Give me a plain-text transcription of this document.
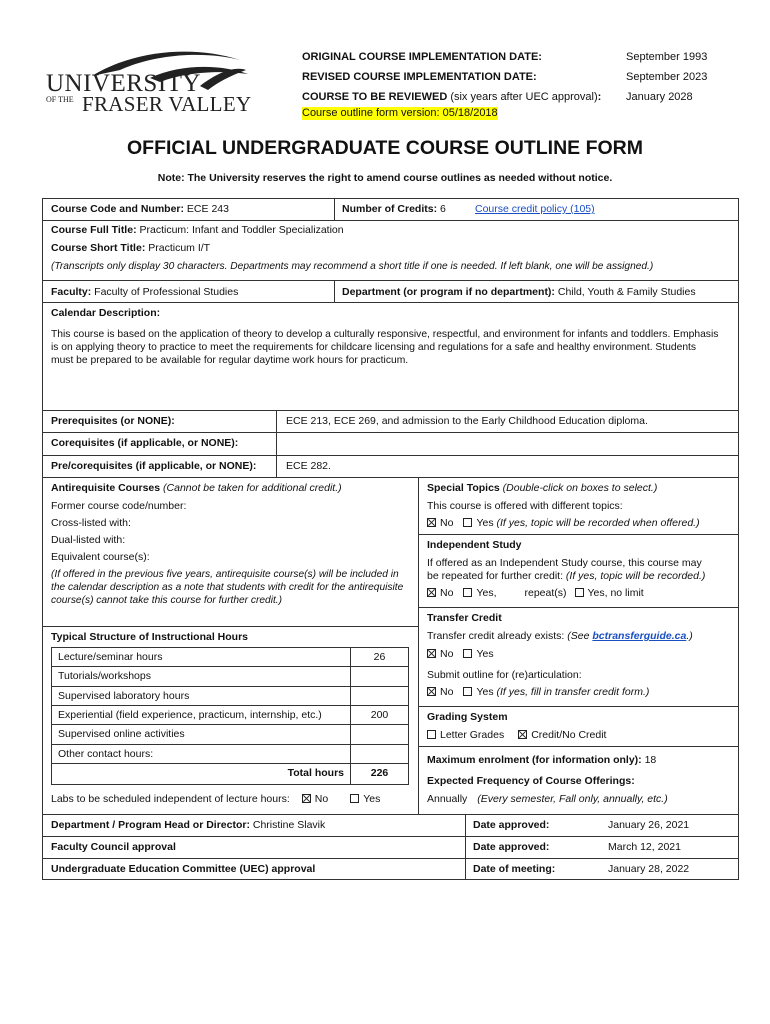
UNIVERSITY
OF THE FRASER VALLEY
ORIGINAL COURSE IMPLEMENTATION DATE:	September 1993
REVISED COURSE IMPLEMENTATION DATE:	September 2023
COURSE TO BE REVIEWED (six years after UEC approval): January 2028
Course outline form version: 05/18/2018
OFFICIAL UNDERGRADUATE COURSE OUTLINE FORM
Note: The University reserves the right to amend course outlines as needed without notice.
Course Code and Number: ECE 243	Number of Credits: 6	Course credit policy (105)
Course Full Title: Practicum: Infant and Toddler Specialization
Course Short Title: Practicum I/T
(Transcripts only display 30 characters. Departments may recommend a short title if one is needed. If left blank, one will be assigned.)
Faculty: Faculty of Professional Studies	Department (or program if no department): Child, Youth & Family Studies
Calendar Description:
This course is based on the application of theory to develop a culturally responsive, respectful, and environment for infants and toddlers. Emphasis is on applying theory to practice to meet the requirements for childcare licensing and regulations for a safe and healthy environment. Students must be prepared to be available for regular daytime work hours for practicum.
Prerequisites (or NONE):	ECE 213, ECE 269, and admission to the Early Childhood Education diploma.
Corequisites (if applicable, or NONE):
Pre/corequisites (if applicable, or NONE):	ECE 282.
Antirequisite Courses (Cannot be taken for additional credit.)
Former course code/number:
Cross-listed with:
Dual-listed with:
Equivalent course(s):
(If offered in the previous five years, antirequisite course(s) will be included in the calendar description as a note that students with credit for the antirequisite course(s) cannot take this course for further credit.)
Typical Structure of Instructional Hours
Lecture/seminar hours	26
Tutorials/workshops
Supervised laboratory hours
Experiential (field experience, practicum, internship, etc.)	200
Supervised online activities
Other contact hours:
Total hours	226
Labs to be scheduled independent of lecture hours: No	Yes
Special Topics (Double-click on boxes to select.)
This course is offered with different topics:
No Yes (If yes, topic will be recorded when offered.)
Independent Study
If offered as an Independent Study course, this course may
be repeated for further credit: (If yes, topic will be recorded.)
No Yes,	repeat(s) Yes, no limit
Transfer Credit
Transfer credit already exists: (See bctransferguide.ca.)
No Yes
Submit outline for (re)articulation:
No Yes (If yes, fill in transfer credit form.)
Grading System
Letter Grades	Credit/No Credit
Maximum enrolment (for information only): 18
Expected Frequency of Course Offerings:
Annually (Every semester, Fall only, annually, etc.)
Department / Program Head or Director: Christine Slavik	Date approved:	January 26, 2021
Faculty Council approval	Date approved:	March 12, 2021
Undergraduate Education Committee (UEC) approval	Date of meeting:	January 28, 2022
